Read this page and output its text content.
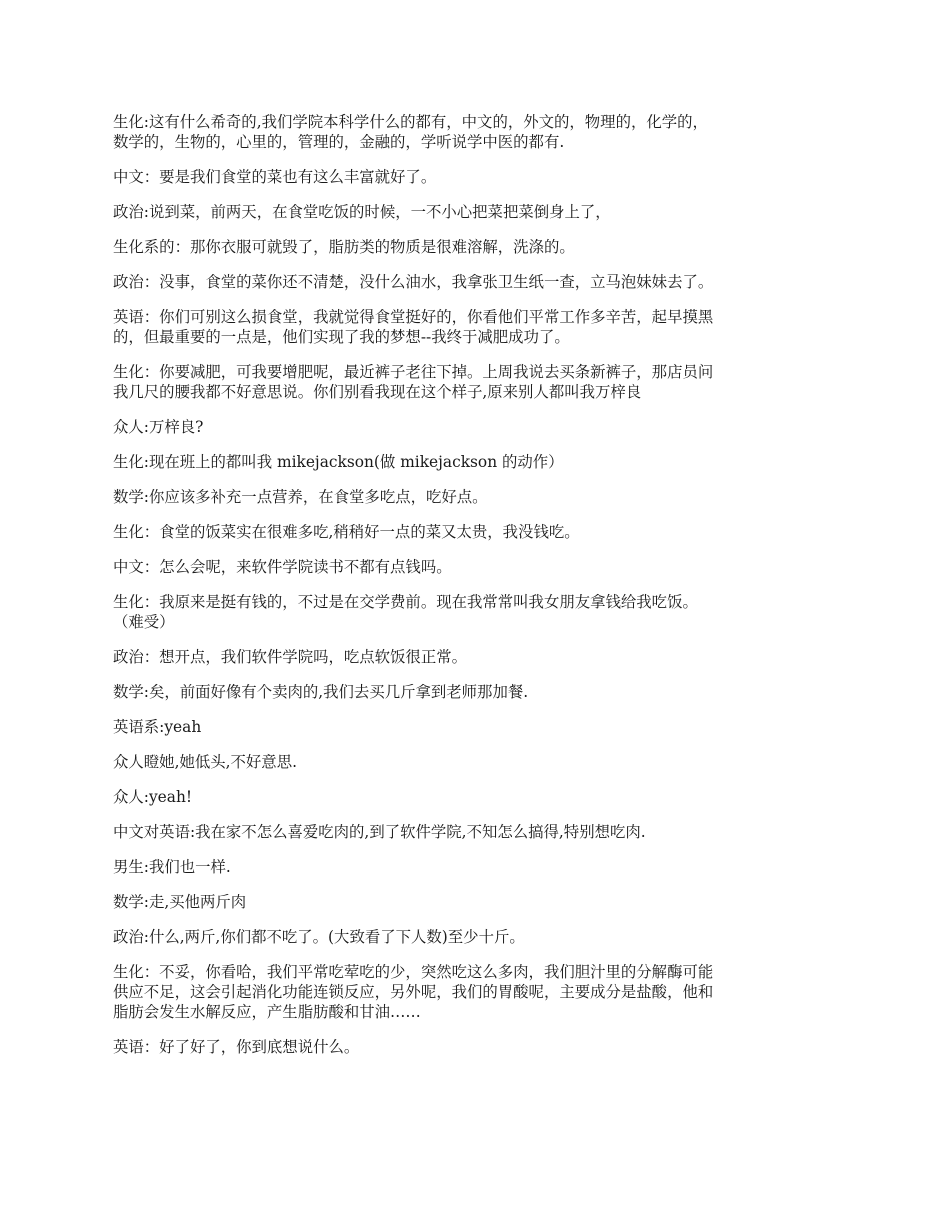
生化:这有什么希奇的,我们学院本科学什么的都有，中文的，外文的，物理的，化学的，
数学的，生物的，心里的，管理的，金融的，学听说学中医的都有.

中文：要是我们食堂的菜也有这么丰富就好了。

政治:说到菜，前两天，在食堂吃饭的时候，一不小心把菜把菜倒身上了，

生化系的：那你衣服可就毁了，脂肪类的物质是很难溶解，洗涤的。

政治：没事，食堂的菜你还不清楚，没什么油水，我拿张卫生纸一查，立马泡妹妹去了。

英语：你们可别这么损食堂，我就觉得食堂挺好的，你看他们平常工作多辛苦，起早摸黑
的，但最重要的一点是，他们实现了我的梦想--我终于减肥成功了。

生化：你要减肥，可我要增肥呢，最近裤子老往下掉。上周我说去买条新裤子，那店员问
我几尺的腰我都不好意思说。你们别看我现在这个样子,原来别人都叫我万梓良

众人:万梓良?

生化:现在班上的都叫我 mikejackson(做 mikejackson 的动作）

数学:你应该多补充一点营养，在食堂多吃点，吃好点。

生化：食堂的饭菜实在很难多吃,稍稍好一点的菜又太贵，我没钱吃。

中文：怎么会呢，来软件学院读书不都有点钱吗。

生化：我原来是挺有钱的，不过是在交学费前。现在我常常叫我女朋友拿钱给我吃饭。
（难受）

政治：想开点，我们软件学院吗，吃点软饭很正常。

数学:矣，前面好像有个卖肉的,我们去买几斤拿到老师那加餐.

英语系:yeah

众人瞪她,她低头,不好意思.

众人:yeah!

中文对英语:我在家不怎么喜爱吃肉的,到了软件学院,不知怎么搞得,特别想吃肉.

男生:我们也一样.

数学:走,买他两斤肉

政治:什么,两斤,你们都不吃了。(大致看了下人数)至少十斤。

生化：不妥，你看哈，我们平常吃荤吃的少，突然吃这么多肉，我们胆汁里的分解酶可能
供应不足，这会引起消化功能连锁反应，另外呢，我们的胃酸呢，主要成分是盐酸，他和
脂肪会发生水解反应，产生脂肪酸和甘油……

英语：好了好了，你到底想说什么。
